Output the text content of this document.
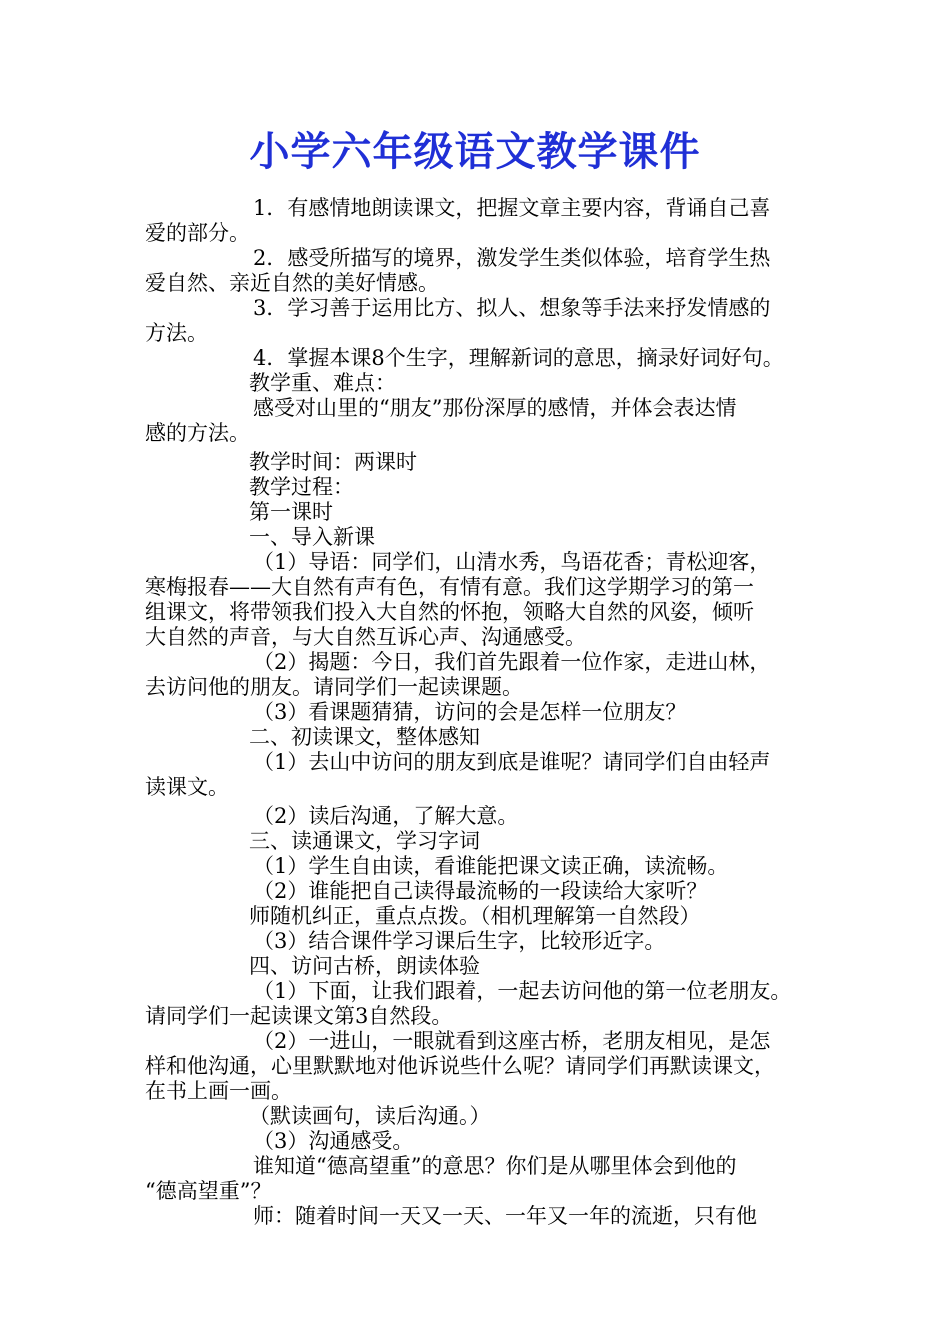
小学六年级语文教学课件

1．有感情地朗读课文，把握文章主要内容，背诵自己喜
爱的部分。

2．感受所描写的境界，激发学生类似体验，培育学生热
爱自然、亲近自然的美好情感。

3．学习善于运用比方、拟人、想象等手法来抒发情感的
方法。

4．掌握本课8个生字，理解新词的意思，摘录好词好句。

教学重、难点：

感受对山里的“朋友”那份深厚的感情，并体会表达情
感的方法。

教学时间：两课时

教学过程：

第一课时

一、导入新课

（1）导语：同学们，山清水秀，鸟语花香；青松迎客，
寒梅报春——大自然有声有色，有情有意。我们这学期学习的第一
组课文，将带领我们投入大自然的怀抱，领略大自然的风姿，倾听
大自然的声音，与大自然互诉心声、沟通感受。

（2）揭题：今日，我们首先跟着一位作家，走进山林，
去访问他的朋友。请同学们一起读课题。

（3）看课题猜猜，访问的会是怎样一位朋友？

二、初读课文，整体感知

（1）去山中访问的朋友到底是谁呢？请同学们自由轻声
读课文。

（2）读后沟通，了解大意。

三、读通课文，学习字词

（1）学生自由读，看谁能把课文读正确，读流畅。

（2）谁能把自己读得最流畅的一段读给大家听？

师随机纠正，重点点拨。（相机理解第一自然段）

（3）结合课件学习课后生字，比较形近字。

四、访问古桥，朗读体验

（1）下面，让我们跟着，一起去访问他的第一位老朋友。
请同学们一起读课文第3自然段。

（2）一进山，一眼就看到这座古桥，老朋友相见，是怎
样和他沟通，心里默默地对他诉说些什么呢？请同学们再默读课文，
在书上画一画。

（默读画句，读后沟通。）

（3）沟通感受。

谁知道“德高望重”的意思？你们是从哪里体会到他的
“德高望重”？

师：随着时间一天又一天、一年又一年的流逝，只有他
